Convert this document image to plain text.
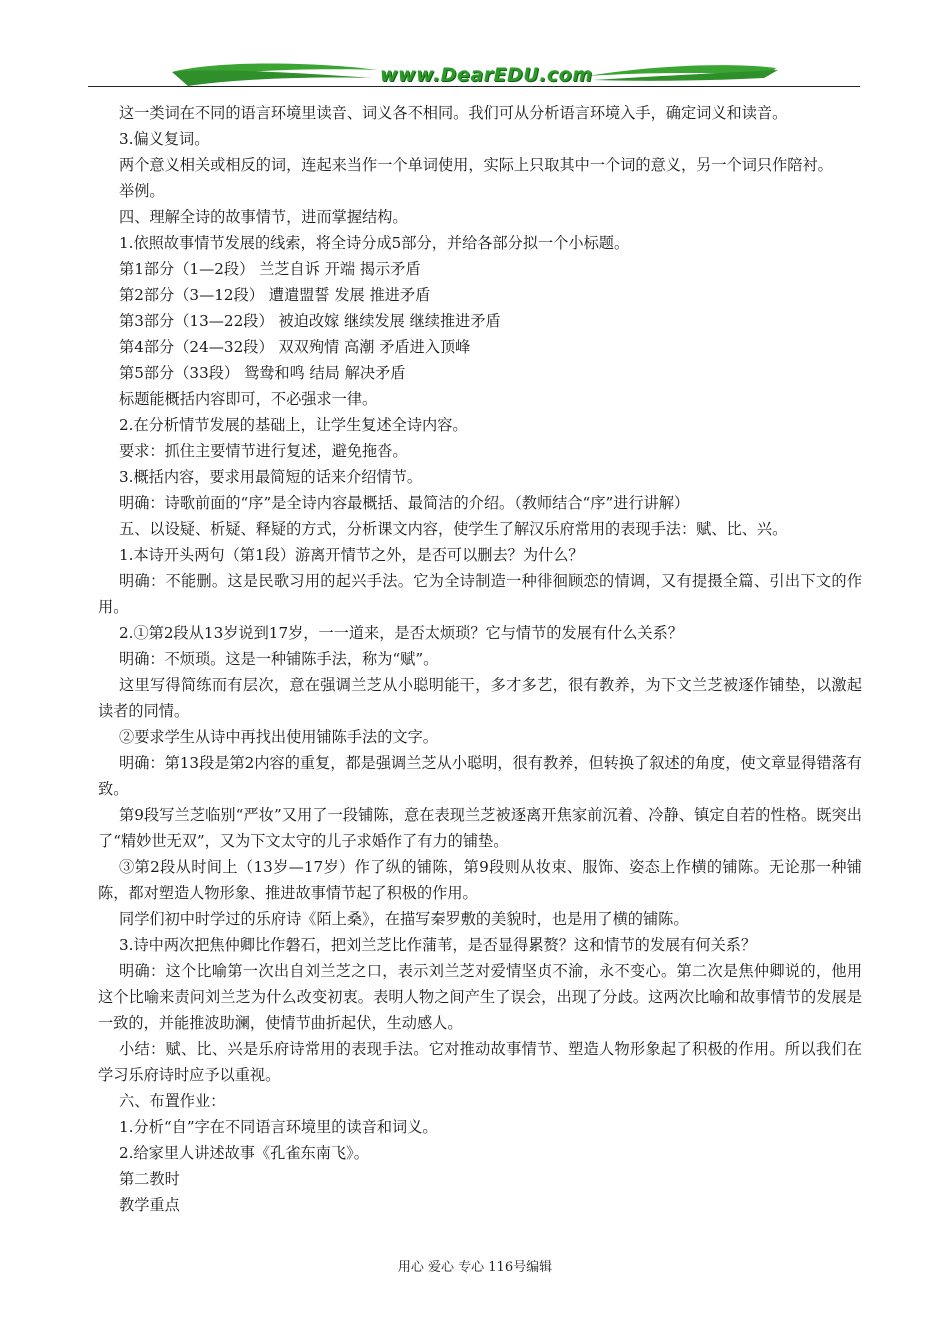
www.DearEDU.com

这一类词在不同的语言环境里读音、词义各不相同。我们可从分析语言环境入手，确定词义和读音。

3.偏义复词。

两个意义相关或相反的词，连起来当作一个单词使用，实际上只取其中一个词的意义，另一个词只作陪衬。

举例。

四、理解全诗的故事情节，进而掌握结构。

1.依照故事情节发展的线索，将全诗分成5部分，并给各部分拟一个小标题。

第1部分（1—2段） 兰芝自诉 开端 揭示矛盾

第2部分（3—12段） 遭遣盟誓 发展 推进矛盾

第3部分（13—22段） 被迫改嫁 继续发展 继续推进矛盾

第4部分（24—32段） 双双殉情 高潮 矛盾进入顶峰

第5部分（33段） 鸳鸯和鸣 结局 解决矛盾

标题能概括内容即可，不必强求一律。

2.在分析情节发展的基础上，让学生复述全诗内容。

要求：抓住主要情节进行复述，避免拖沓。

3.概括内容，要求用最简短的话来介绍情节。

明确：诗歌前面的“序”是全诗内容最概括、最简洁的介绍。（教师结合“序”进行讲解）

五、以设疑、析疑、释疑的方式，分析课文内容，使学生了解汉乐府常用的表现手法：赋、比、兴。

1.本诗开头两句（第1段）游离开情节之外，是否可以删去？为什么？

明确：不能删。这是民歌习用的起兴手法。它为全诗制造一种徘徊顾恋的情调，又有提摄全篇、引出下文的作用。

2.①第2段从13岁说到17岁，一一道来，是否太烦琐？它与情节的发展有什么关系？

明确：不烦琐。这是一种铺陈手法，称为“赋”。

这里写得简练而有层次，意在强调兰芝从小聪明能干，多才多艺，很有教养，为下文兰芝被逐作铺垫，以激起读者的同情。

②要求学生从诗中再找出使用铺陈手法的文字。

明确：第13段是第2内容的重复，都是强调兰芝从小聪明，很有教养，但转换了叙述的角度，使文章显得错落有致。

第9段写兰芝临别“严妆”又用了一段铺陈，意在表现兰芝被逐离开焦家前沉着、冷静、镇定自若的性格。既突出了“精妙世无双”，又为下文太守的儿子求婚作了有力的铺垫。

③第2段从时间上（13岁—17岁）作了纵的铺陈，第9段则从妆束、服饰、姿态上作横的铺陈。无论那一种铺陈，都对塑造人物形象、推进故事情节起了积极的作用。

同学们初中时学过的乐府诗《陌上桑》，在描写秦罗敷的美貌时，也是用了横的铺陈。

3.诗中两次把焦仲卿比作磐石，把刘兰芝比作蒲苇，是否显得累赘？这和情节的发展有何关系？

明确：这个比喻第一次出自刘兰芝之口，表示刘兰芝对爱情坚贞不渝，永不变心。第二次是焦仲卿说的，他用这个比喻来责问刘兰芝为什么改变初衷。表明人物之间产生了误会，出现了分歧。这两次比喻和故事情节的发展是一致的，并能推波助澜，使情节曲折起伏，生动感人。

小结：赋、比、兴是乐府诗常用的表现手法。它对推动故事情节、塑造人物形象起了积极的作用。所以我们在学习乐府诗时应予以重视。

六、布置作业：

1.分析“自”字在不同语言环境里的读音和词义。

2.给家里人讲述故事《孔雀东南飞》。

第二教时

教学重点

用心 爱心 专心 116号编辑
